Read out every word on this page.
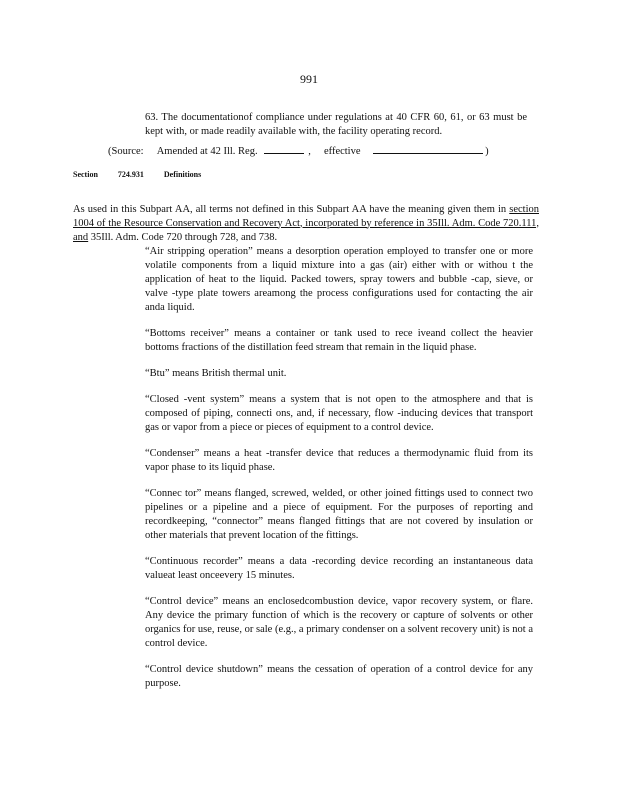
991

63. The documentationof compliance under regulations at 40 CFR 60, 61, or 63 must be kept with, or made readily available with, the facility operating record.

(Source: Amended at 42 Ill. Reg.	, effective	)
Section	724.931	Definitions

As used in this Subpart AA, all terms not defined in this Subpart AA have the meaning given them in section 1004 of the Resource Conservation and Recovery Act, incorporated by reference in 35Ill. Adm. Code 720.111, and 35Ill. Adm. Code 720 through 728, and 738.

“Air stripping operation” means a desorption operation employed to transfer one or more volatile components from a liquid mixture into a gas (air) either with or withou t the application of heat to the liquid. Packed towers, spray towers and bubble -cap, sieve, or valve -type plate towers areamong the process configurations used for contacting the air anda liquid.

“Bottoms receiver” means a container or tank used to rece iveand collect the heavier bottoms fractions of the distillation feed stream that remain in the liquid phase.

“Btu” means British thermal unit.

“Closed -vent system” means a system that is not open to the atmosphere and that is composed of piping, connecti ons, and, if necessary, flow -inducing devices that transport gas or vapor from a piece or pieces of equipment to a control device.

“Condenser” means a heat -transfer device that reduces a thermodynamic fluid from its vapor phase to its liquid phase.

“Connec tor” means flanged, screwed, welded, or other joined fittings used to connect two pipelines or a pipeline and a piece of equipment. For the purposes of reporting and recordkeeping, “connector” means flanged fittings that are not covered by insulation or other materials that prevent location of the fittings.

“Continuous recorder” means a data -recording device recording an instantaneous data valueat least onceevery 15 minutes.

“Control device” means an enclosedcombustion device, vapor recovery system, or flare. Any device the primary function of which is the recovery or capture of solvents or other organics for use, reuse, or sale (e.g., a primary condenser on a solvent recovery unit) is not a control device.

“Control device shutdown” means the cessation of operation of a control device for any purpose.
